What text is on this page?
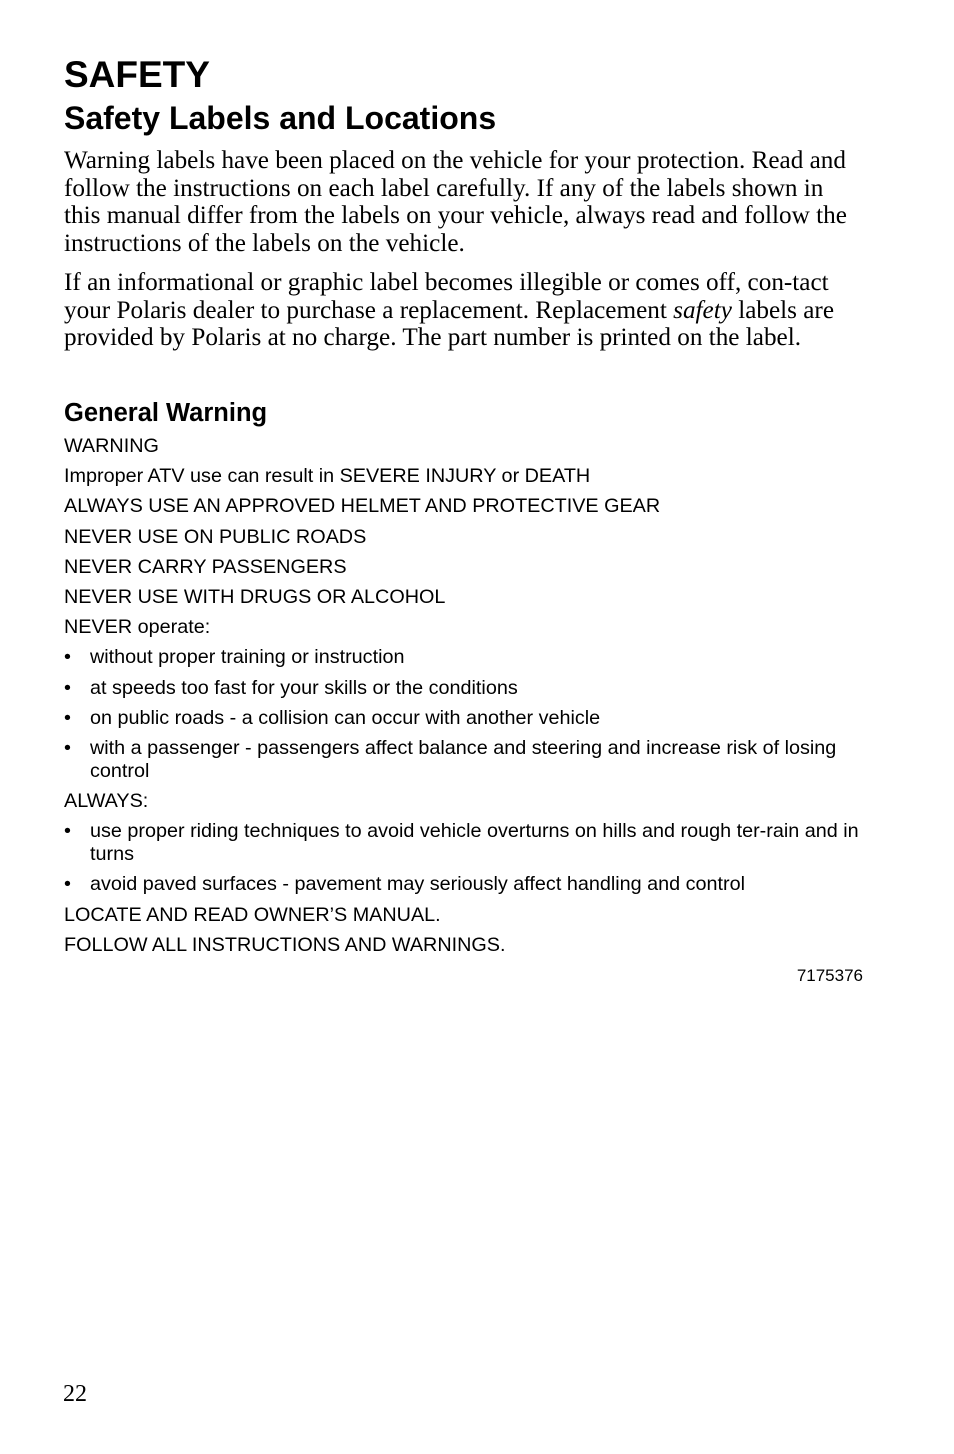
SAFETY
Safety Labels and Locations

Warning labels have been placed on the vehicle for your protection. Read and follow the instructions on each label carefully. If any of the labels shown in this manual differ from the labels on your vehicle, always read and follow the instructions of the labels on the vehicle.

If an informational or graphic label becomes illegible or comes off, con-tact your Polaris dealer to purchase a replacement. Replacement safety labels are provided by Polaris at no charge. The part number is printed on the label.

General Warning

WARNING

Improper ATV use can result in SEVERE INJURY or DEATH

ALWAYS USE AN APPROVED HELMET AND PROTECTIVE GEAR

NEVER USE ON PUBLIC ROADS

NEVER CARRY PASSENGERS

NEVER USE WITH DRUGS OR ALCOHOL

NEVER operate:

• without proper training or instruction
• at speeds too fast for your skills or the conditions
• on public roads - a collision can occur with another vehicle
• with a passenger - passengers affect balance and steering and increase risk of losing control

ALWAYS:

• use proper riding techniques to avoid vehicle overturns on hills and rough ter-rain and in turns
• avoid paved surfaces - pavement may seriously affect handling and control

LOCATE AND READ OWNER’S MANUAL.

FOLLOW ALL INSTRUCTIONS AND WARNINGS.

7175376
22
